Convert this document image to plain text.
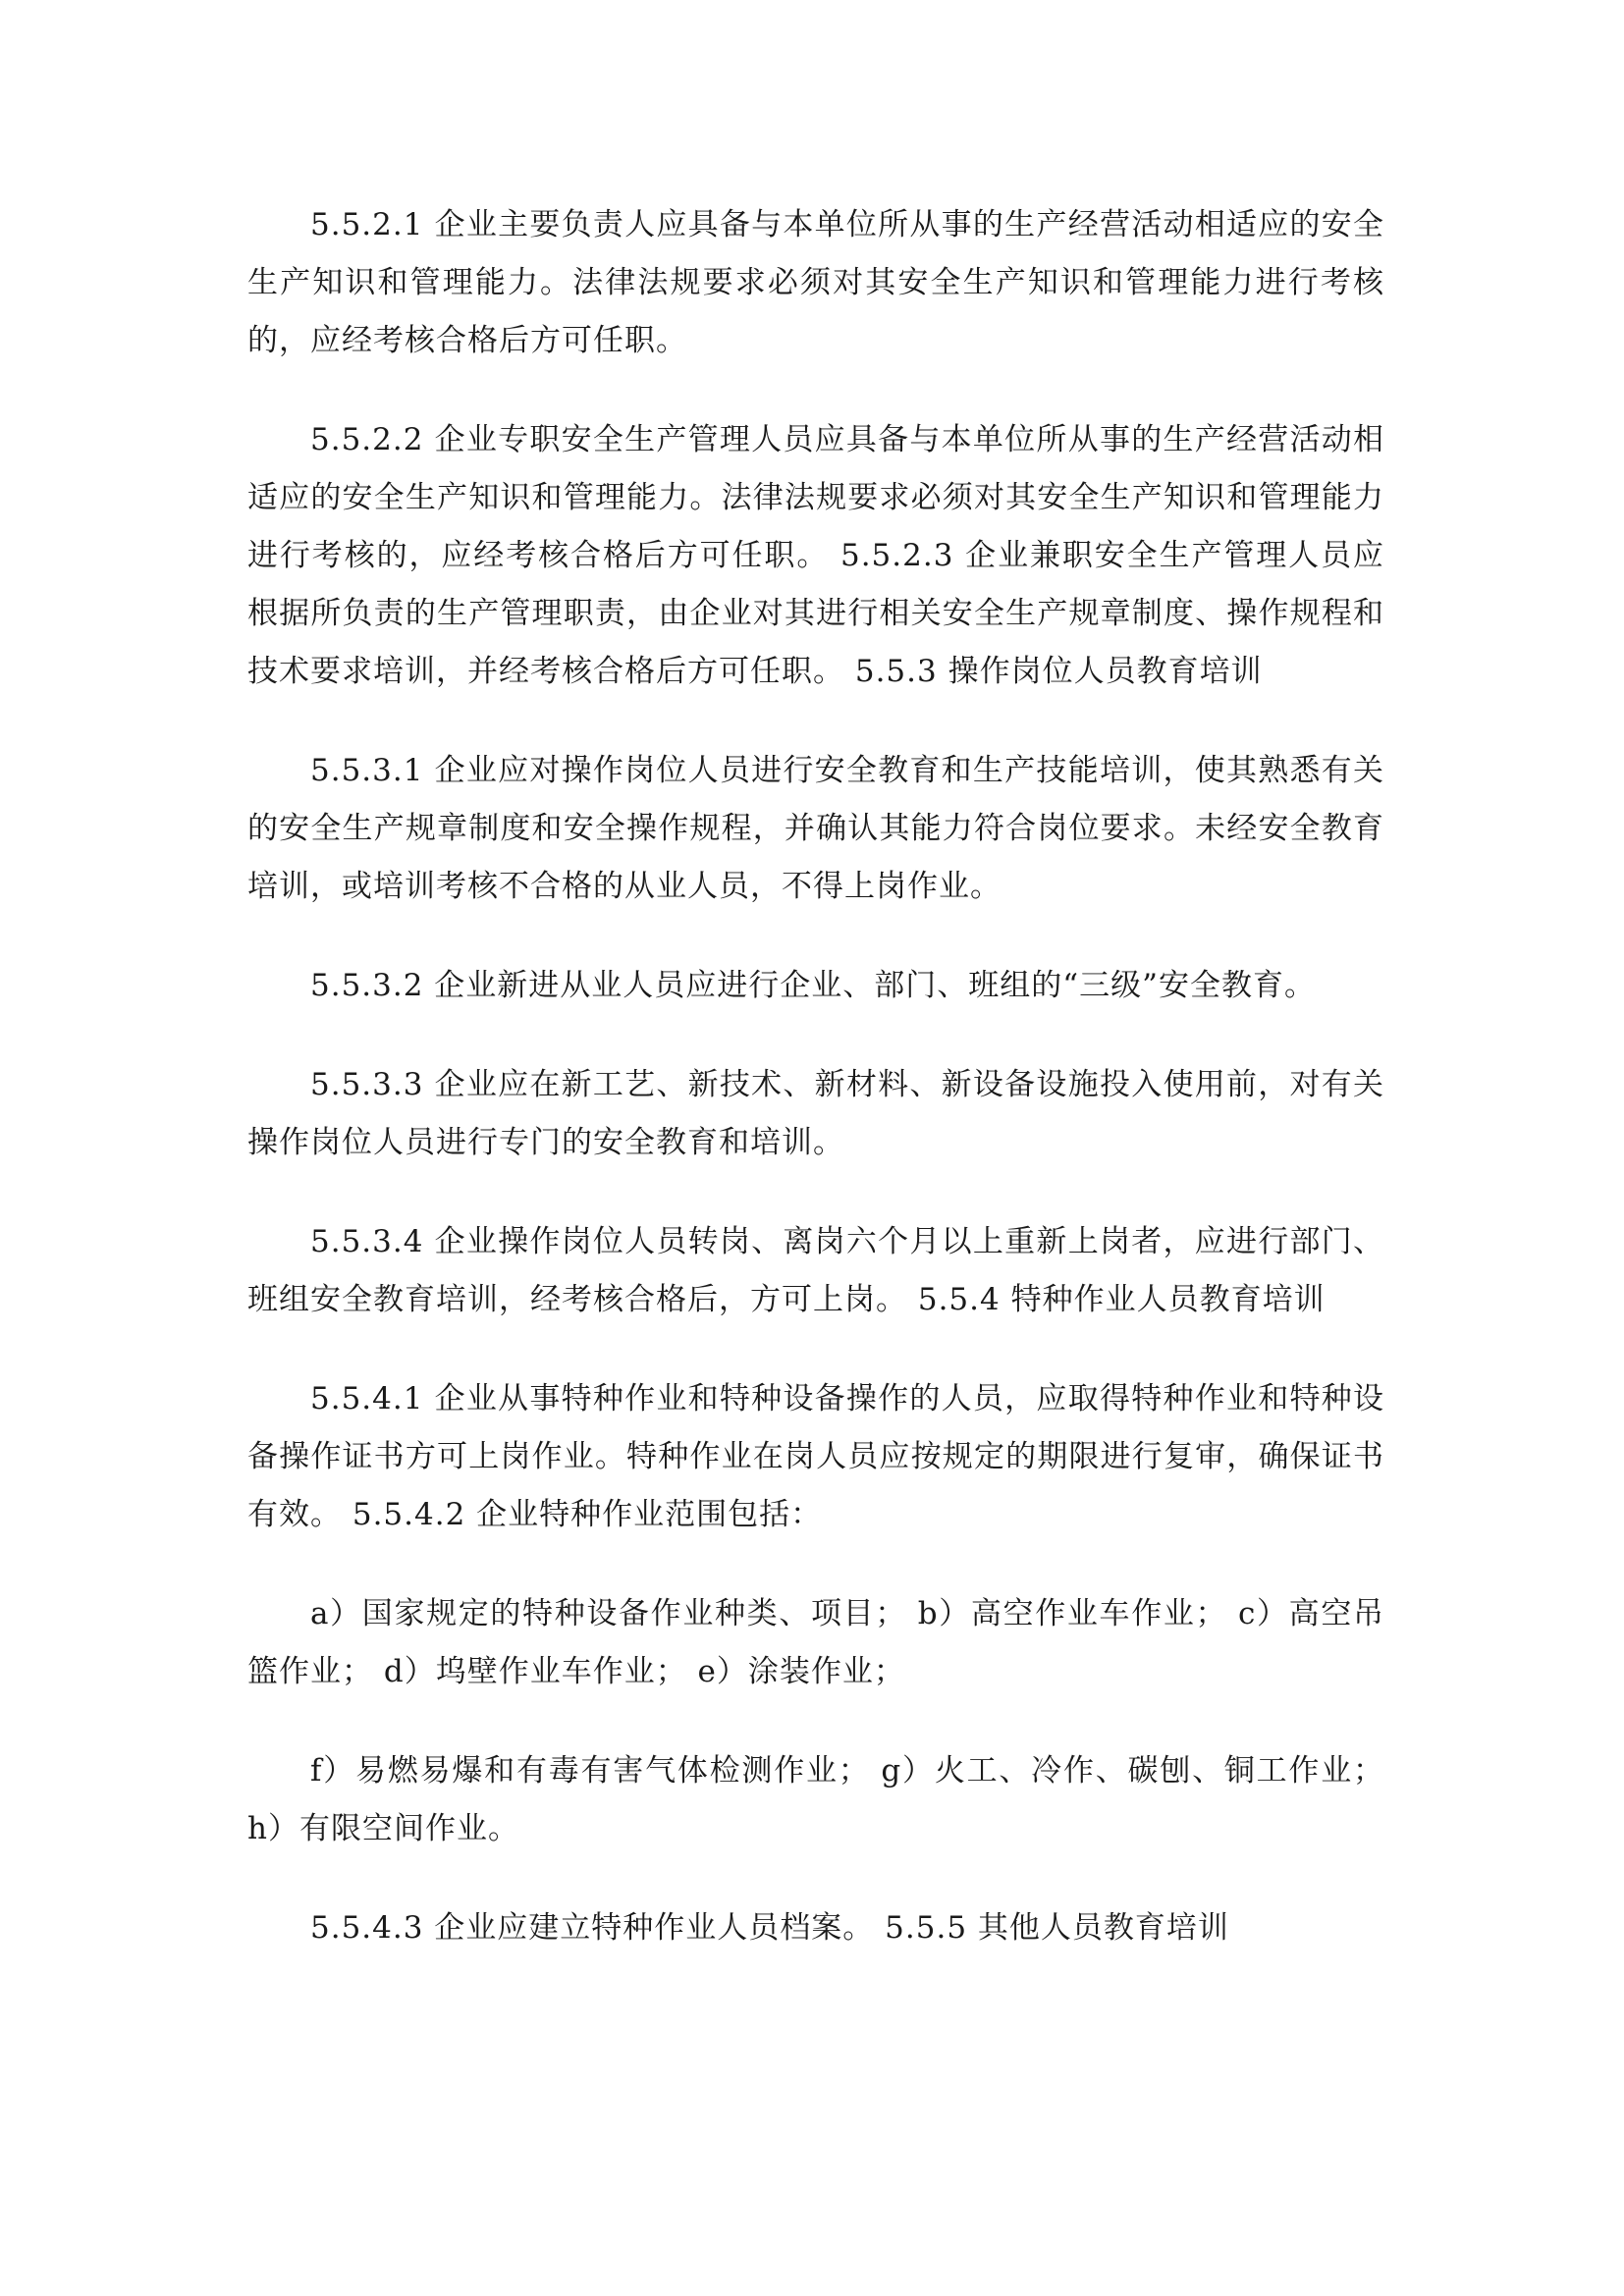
5.5.2.1 企业主要负责人应具备与本单位所从事的生产经营活动相适应的安全生产知识和管理能力。法律法规要求必须对其安全生产知识和管理能力进行考核的，应经考核合格后方可任职。

5.5.2.2 企业专职安全生产管理人员应具备与本单位所从事的生产经营活动相适应的安全生产知识和管理能力。法律法规要求必须对其安全生产知识和管理能力进行考核的，应经考核合格后方可任职。 5.5.2.3 企业兼职安全生产管理人员应根据所负责的生产管理职责，由企业对其进行相关安全生产规章制度、操作规程和技术要求培训，并经考核合格后方可任职。 5.5.3 操作岗位人员教育培训

5.5.3.1 企业应对操作岗位人员进行安全教育和生产技能培训，使其熟悉有关的安全生产规章制度和安全操作规程，并确认其能力符合岗位要求。未经安全教育培训，或培训考核不合格的从业人员，不得上岗作业。

5.5.3.2 企业新进从业人员应进行企业、部门、班组的“三级”安全教育。

5.5.3.3 企业应在新工艺、新技术、新材料、新设备设施投入使用前，对有关操作岗位人员进行专门的安全教育和培训。

5.5.3.4 企业操作岗位人员转岗、离岗六个月以上重新上岗者，应进行部门、班组安全教育培训，经考核合格后，方可上岗。 5.5.4 特种作业人员教育培训

5.5.4.1 企业从事特种作业和特种设备操作的人员，应取得特种作业和特种设备操作证书方可上岗作业。特种作业在岗人员应按规定的期限进行复审，确保证书有效。 5.5.4.2 企业特种作业范围包括：

a）国家规定的特种设备作业种类、项目； b）高空作业车作业； c）高空吊篮作业； d）坞壁作业车作业； e）涂装作业；

f）易燃易爆和有毒有害气体检测作业； g）火工、冷作、碳刨、铜工作业； h）有限空间作业。

5.5.4.3 企业应建立特种作业人员档案。 5.5.5 其他人员教育培训
